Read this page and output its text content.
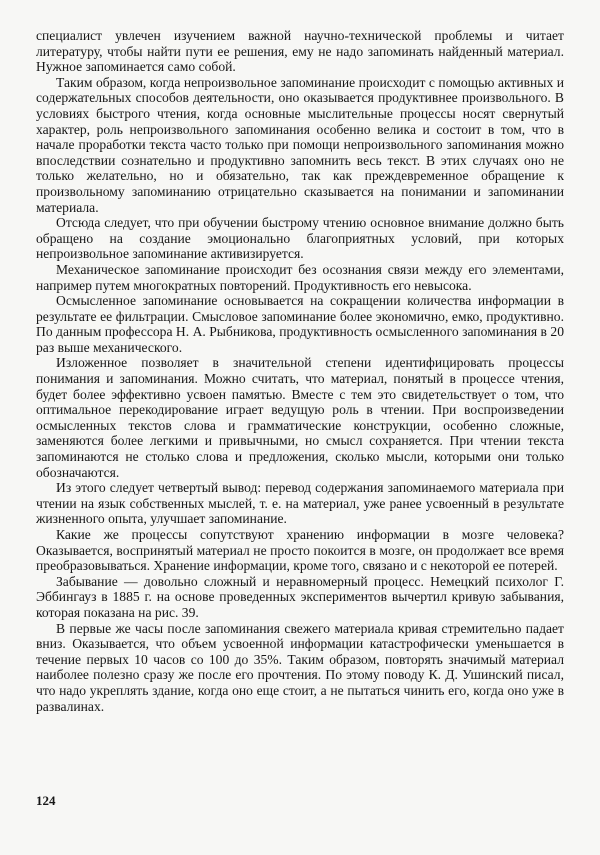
специалист увлечен изучением важной научно-технической проблемы и читает литературу, чтобы найти пути ее решения, ему не надо запоминать найденный материал. Нужное запоминается само собой.

Таким образом, когда непроизвольное запоминание происходит с помощью активных и содержательных способов деятельности, оно оказывается продуктивнее произвольного. В условиях быстрого чтения, когда основные мыслительные процессы носят свернутый характер, роль непроизвольного запоминания особенно велика и состоит в том, что в начале проработки текста часто только при помощи непроизвольного запоминания можно впоследствии сознательно и продуктивно запомнить весь текст. В этих случаях оно не только желательно, но и обязательно, так как преждевременное обращение к произвольному запоминанию отрицательно сказывается на понимании и запоминании материала.

Отсюда следует, что при обучении быстрому чтению основное внимание должно быть обращено на создание эмоционально благоприятных условий, при которых непроизвольное запоминание активизируется.

Механическое запоминание происходит без осознания связи между его элементами, например путем многократных повторений. Продуктивность его невысока.

Осмысленное запоминание основывается на сокращении количества информации в результате ее фильтрации. Смысловое запоминание более экономично, емко, продуктивно. По данным профессора Н. А. Рыбникова, продуктивность осмысленного запоминания в 20 раз выше механического.

Изложенное позволяет в значительной степени идентифицировать процессы понимания и запоминания. Можно считать, что материал, понятый в процессе чтения, будет более эффективно усвоен памятью. Вместе с тем это свидетельствует о том, что оптимальное перекодирование играет ведущую роль в чтении. При воспроизведении осмысленных текстов слова и грамматические конструкции, особенно сложные, заменяются более легкими и привычными, но смысл сохраняется. При чтении текста запоминаются не столько слова и предложения, сколько мысли, которыми они только обозначаются.

Из этого следует четвертый вывод: перевод содержания запоминаемого материала при чтении на язык собственных мыслей, т. е. на материал, уже ранее усвоенный в результате жизненного опыта, улучшает запоминание.

Какие же процессы сопутствуют хранению информации в мозге человека? Оказывается, воспринятый материал не просто покоится в мозге, он продолжает все время преобразовываться. Хранение информации, кроме того, связано и с некоторой ее потерей.

Забывание — довольно сложный и неравномерный процесс. Немецкий психолог Г. Эббингауз в 1885 г. на основе проведенных экспериментов вычертил кривую забывания, которая показана на рис. 39.

В первые же часы после запоминания свежего материала кривая стремительно падает вниз. Оказывается, что объем усвоенной информации катастрофически уменьшается в течение первых 10 часов со 100 до 35%. Таким образом, повторять значимый материал наиболее полезно сразу же после его прочтения. По этому поводу К. Д. Ушинский писал, что надо укреплять здание, когда оно еще стоит, а не пытаться чинить его, когда оно уже в развалинах.

124
